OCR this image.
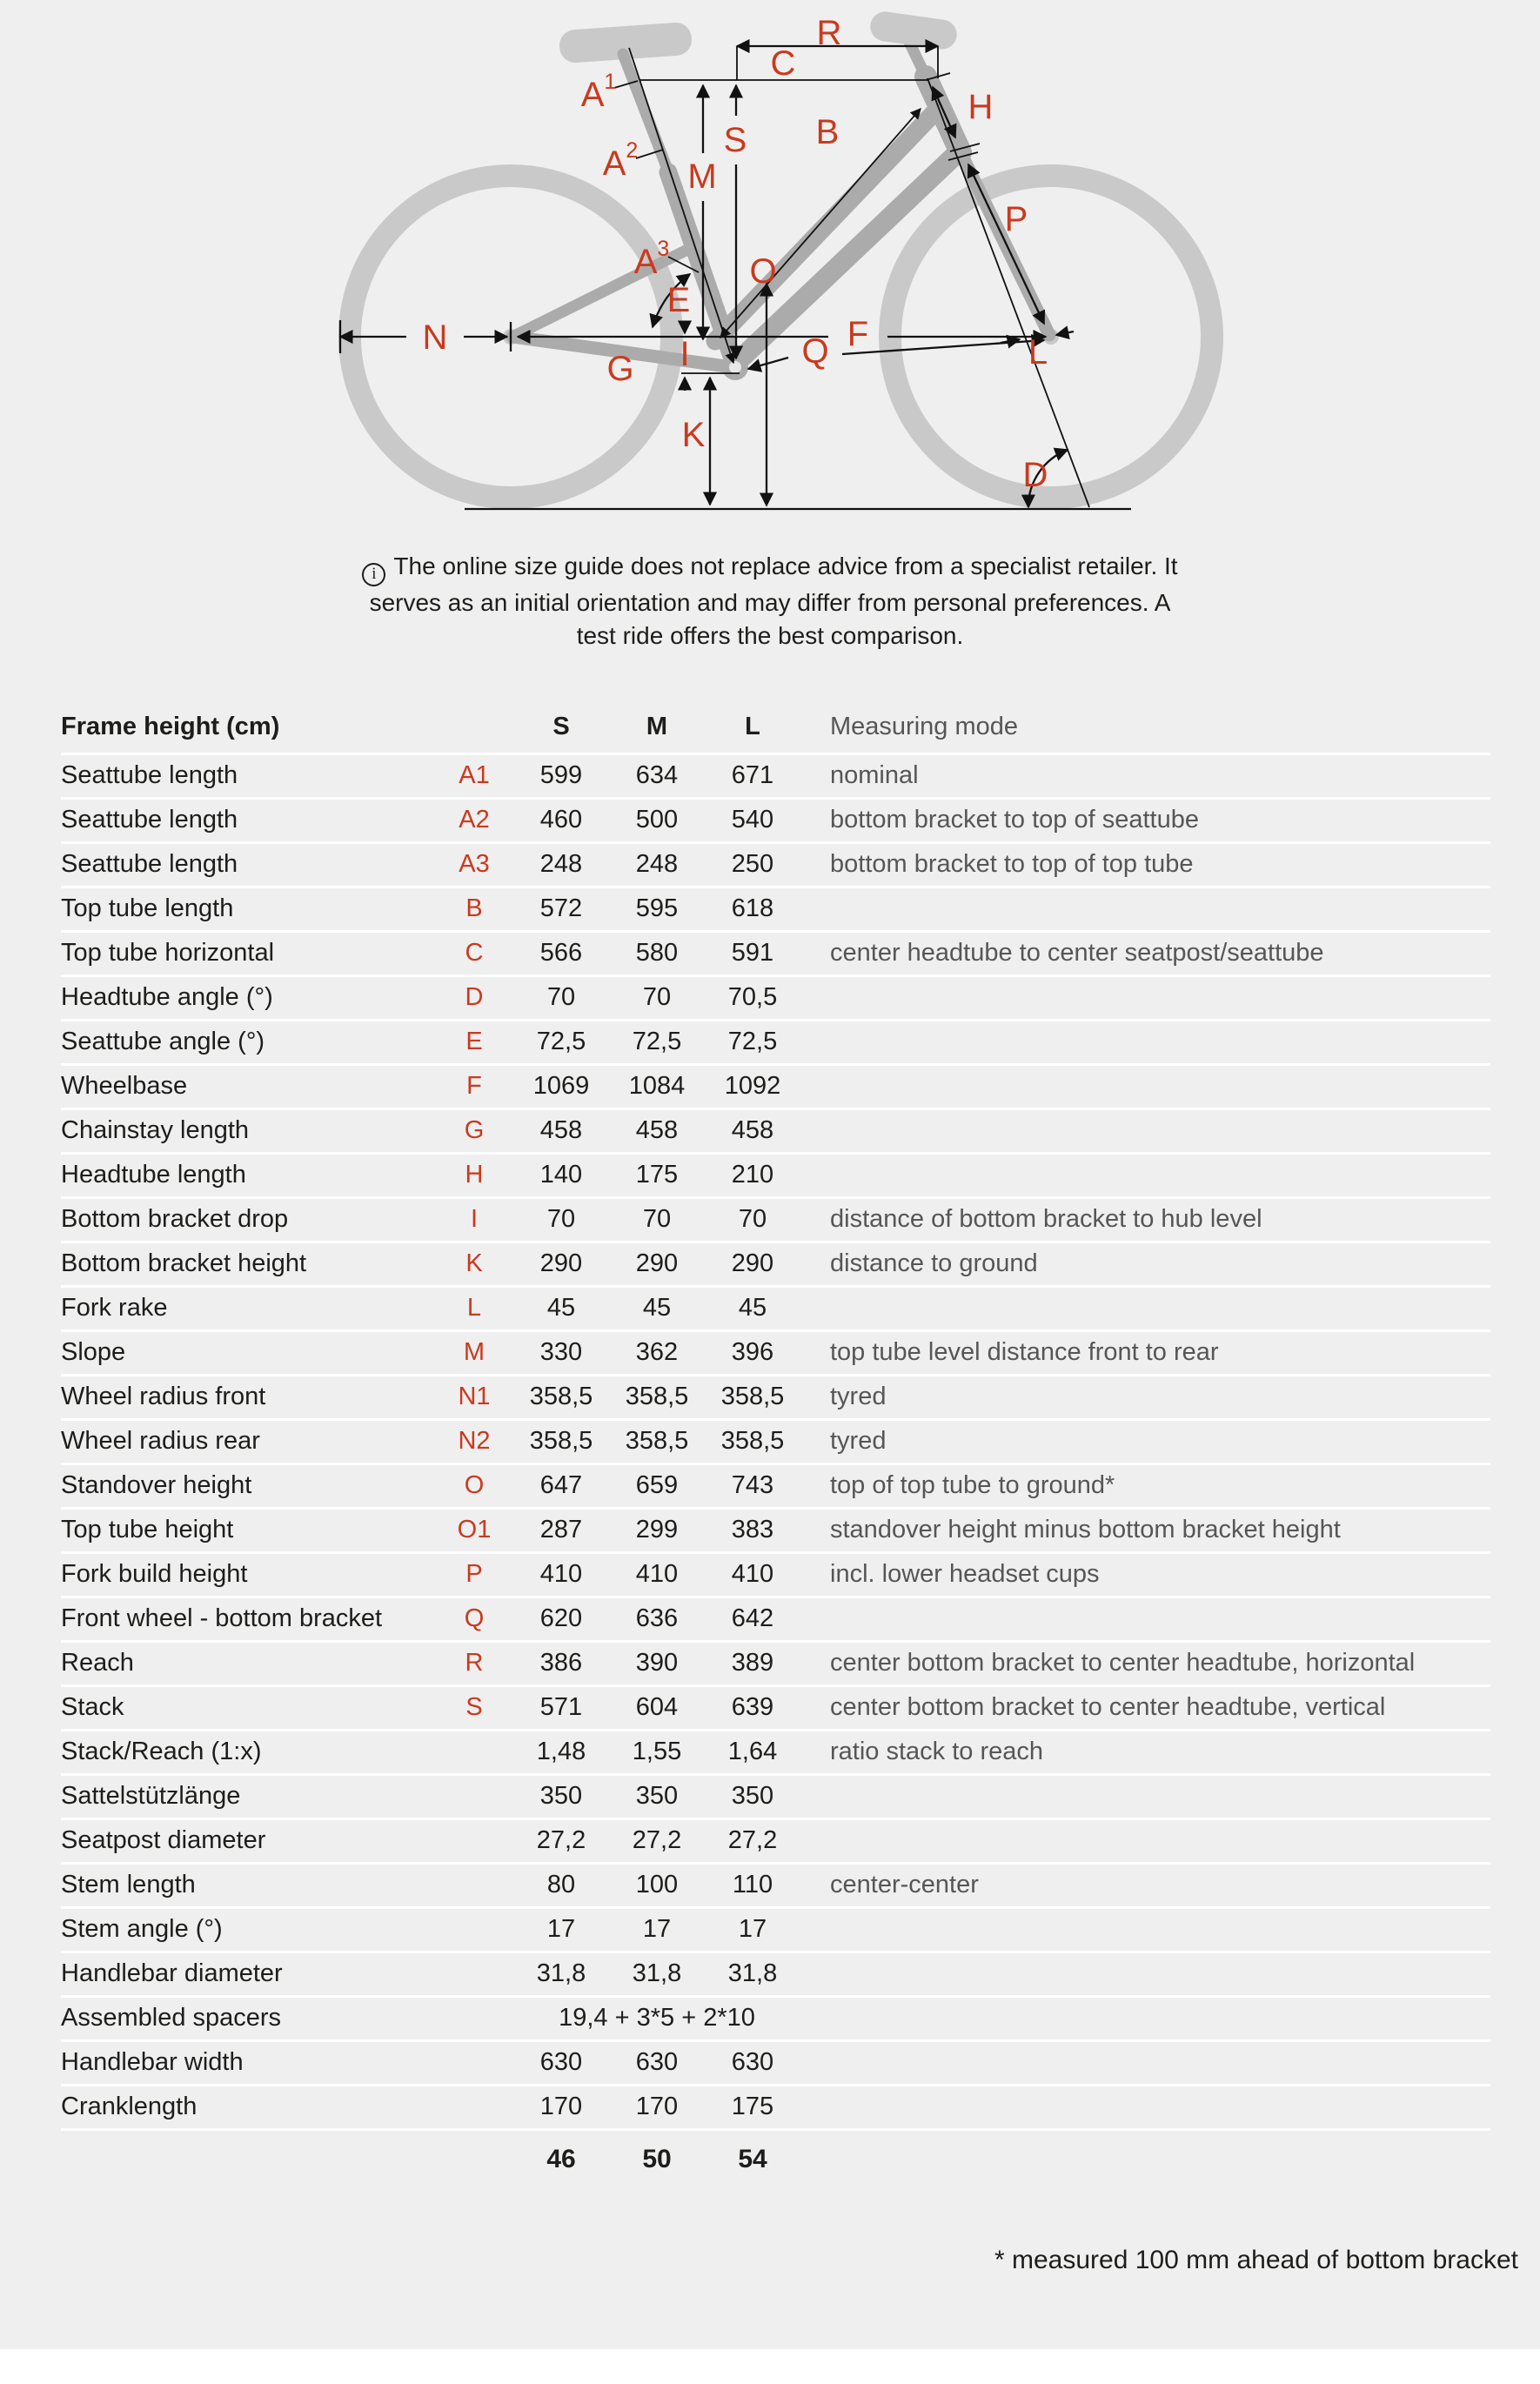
R
C
$A^1$
H
S B
$A^2$
M
P
$A^3$
O
E
N	F
I	Q	L
G
K
D
i The online size guide does not replace advice from a specialist retailer. It
serves as an initial orientation and may differ from personal preferences. A
test ride offers the best comparison.
Frame height (cm)	S	M	L	Measuring mode
Seattube length	A1	599	634	671	nominal
Seattube length	A2	460	500	540	bottom bracket to top of seattube
Seattube length	A3	248	248	250	bottom bracket to top of top tube
Top tube length	B	572	595	618
Top tube horizontal	C	566	580	591	center headtube to center seatpost/seattube
Headtube angle (°)	D	70	70	70,5
Seattube angle (°)	E	72,5	72,5	72,5
Wheelbase	F	1069	1084	1092
Chainstay length	G	458	458	458
Headtube length	H	140	175	210
Bottom bracket drop	I	70	70	70	distance of bottom bracket to hub level
Bottom bracket height	K	290	290	290	distance to ground
Fork rake	L	45	45	45
Slope	M	330	362	396	top tube level distance front to rear
Wheel radius front	N1	358,5	358,5	358,5	tyred
Wheel radius rear	N2	358,5	358,5	358,5	tyred
Standover height	O	647	659	743	top of top tube to ground*
Top tube height	O1	287	299	383	standover height minus bottom bracket height
Fork build height	P	410	410	410	incl. lower headset cups
Front wheel - bottom bracket	Q	620	636	642
Reach	R	386	390	389	center bottom bracket to center headtube, horizontal
Stack	S	571	604	639	center bottom bracket to center headtube, vertical
Stack/Reach (1:x)	1,48	1,55	1,64	ratio stack to reach
Sattelstützlänge	350	350	350
Seatpost diameter	27,2	27,2	27,2
Stem length	80	100	110	center-center
Stem angle (°)	17	17	17
Handlebar diameter	31,8	31,8	31,8
Assembled spacers	19,4 + 3*5 + 2*10
Handlebar width	630	630	630
Cranklength	170	170	175
46	50	54
* measured 100 mm ahead of bottom bracket
